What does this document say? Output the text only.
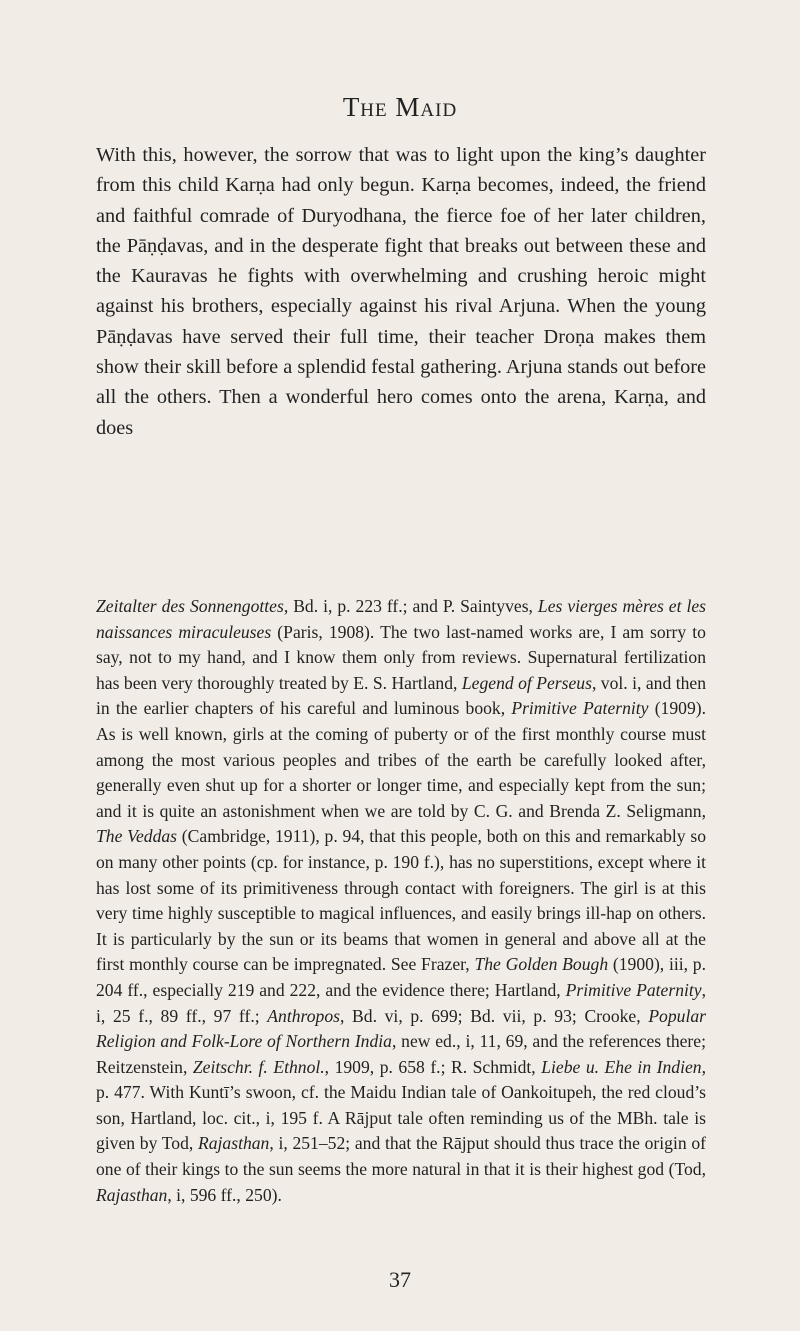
The Maid

With this, however, the sorrow that was to light upon the king’s daughter from this child Karṇa had only begun. Karṇa becomes, indeed, the friend and faithful comrade of Duryodhana, the fierce foe of her later children, the Pāṇḍavas, and in the desperate fight that breaks out between these and the Kauravas he fights with overwhelming and crushing heroic might against his brothers, especially against his rival Arjuna. When the young Pāṇḍavas have served their full time, their teacher Droṇa makes them show their skill before a splendid festal gathering. Arjuna stands out before all the others. Then a wonderful hero comes onto the arena, Karṇa, and does

Zeitalter des Sonnengottes, Bd. i, p. 223 ff.; and P. Saintyves, Les vierges mères et les naissances miraculeuses (Paris, 1908). The two last-named works are, I am sorry to say, not to my hand, and I know them only from reviews. Supernatural fertilization has been very thoroughly treated by E. S. Hartland, Legend of Perseus, vol. i, and then in the earlier chapters of his careful and luminous book, Primitive Paternity (1909). As is well known, girls at the coming of puberty or of the first monthly course must among the most various peoples and tribes of the earth be carefully looked after, generally even shut up for a shorter or longer time, and especially kept from the sun; and it is quite an astonishment when we are told by C. G. and Brenda Z. Seligmann, The Veddas (Cambridge, 1911), p. 94, that this people, both on this and remarkably so on many other points (cp. for instance, p. 190 f.), has no superstitions, except where it has lost some of its primitiveness through contact with foreigners. The girl is at this very time highly susceptible to magical influences, and easily brings ill-hap on others. It is particularly by the sun or its beams that women in general and above all at the first monthly course can be impregnated. See Frazer, The Golden Bough (1900), iii, p. 204 ff., especially 219 and 222, and the evidence there; Hartland, Primitive Paternity, i, 25 f., 89 ff., 97 ff.; Anthropos, Bd. vi, p. 699; Bd. vii, p. 93; Crooke, Popular Religion and Folk-Lore of Northern India, new ed., i, 11, 69, and the references there; Reitzenstein, Zeitschr. f. Ethnol., 1909, p. 658 f.; R. Schmidt, Liebe u. Ehe in Indien, p. 477. With Kuntī’s swoon, cf. the Maidu Indian tale of Oankoitupeh, the red cloud’s son, Hartland, loc. cit., i, 195 f. A Rājput tale often reminding us of the MBh. tale is given by Tod, Rajasthan, i, 251–52; and that the Rājput should thus trace the origin of one of their kings to the sun seems the more natural in that it is their highest god (Tod, Rajasthan, i, 596 ff., 250).
37
